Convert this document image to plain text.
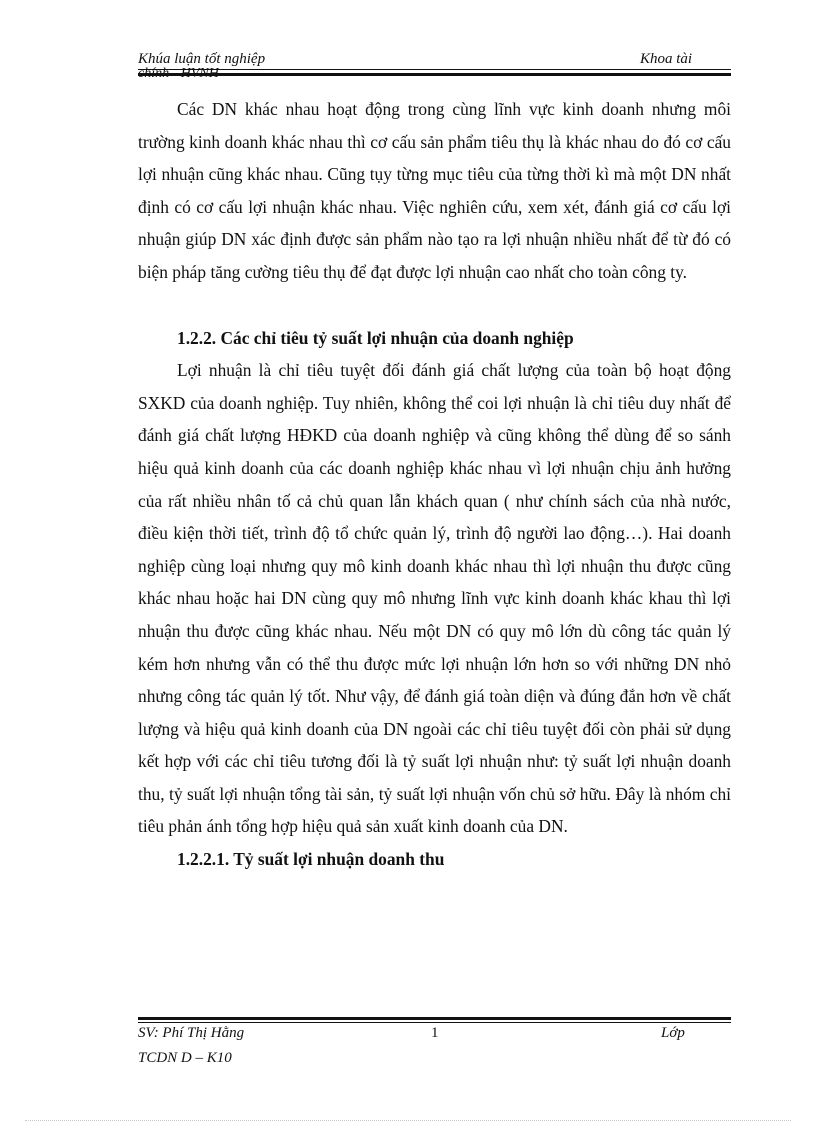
Khúa luận tốt nghiệp	Khoa tài

Các DN khác nhau hoạt động trong cùng lĩnh vực kinh doanh nhưng môi trường kinh doanh khác nhau thì cơ cấu sản phẩm tiêu thụ là khác nhau do đó cơ cấu lợi nhuận cũng khác nhau. Cũng tụy từng mục tiêu của từng thời kì mà một DN nhất định có cơ cấu lợi nhuận khác nhau. Việc nghiên cứu, xem xét, đánh giá cơ cấu lợi nhuận giúp DN xác định được sản phẩm nào tạo ra lợi nhuận nhiều nhất để từ đó có biện pháp tăng cường tiêu thụ để đạt được lợi nhuận cao nhất cho toàn công ty.

1.2.2. Các chỉ tiêu tỷ suất lợi nhuận của doanh nghiệp

Lợi nhuận là chỉ tiêu tuyệt đối đánh giá chất lượng của toàn bộ hoạt động SXKD của doanh nghiệp. Tuy nhiên, không thể coi lợi nhuận là chỉ tiêu duy nhất để đánh giá chất lượng HĐKD của doanh nghiệp và cũng không thể dùng để so sánh hiệu quả kinh doanh của các doanh nghiệp khác nhau vì lợi nhuận chịu ảnh hưởng của rất nhiều nhân tố cả chủ quan lẫn khách quan ( như chính sách của nhà nước, điều kiện thời tiết, trình độ tổ chức quản lý, trình độ người lao động…). Hai doanh nghiệp cùng loại nhưng quy mô kinh doanh khác nhau thì lợi nhuận thu được cũng khác nhau hoặc hai DN cùng quy mô nhưng lĩnh vực kinh doanh khác khau thì lợi nhuận thu được cũng khác nhau. Nếu một DN có quy mô lớn dù công tác quản lý kém hơn nhưng vẫn có thể thu được mức lợi nhuận lớn hơn so với những DN nhỏ nhưng công tác quản lý tốt. Như vậy, để đánh giá toàn diện và đúng đắn hơn về chất lượng và hiệu quả kinh doanh của DN ngoài các chỉ tiêu tuyệt đối còn phải sử dụng kết hợp với các chỉ tiêu tương đối là tỷ suất lợi nhuận như: tỷ suất lợi nhuận doanh thu, tỷ suất lợi nhuận tổng tài sản, tỷ suất lợi nhuận vốn chủ sở hữu. Đây là nhóm chỉ tiêu phản ánh tổng hợp hiệu quả sản xuất kinh doanh của DN.

1.2.2.1. Tỷ suất lợi nhuận doanh thu

SV: Phí Thị Hằng	1	Lớp
TCDN D – K10
